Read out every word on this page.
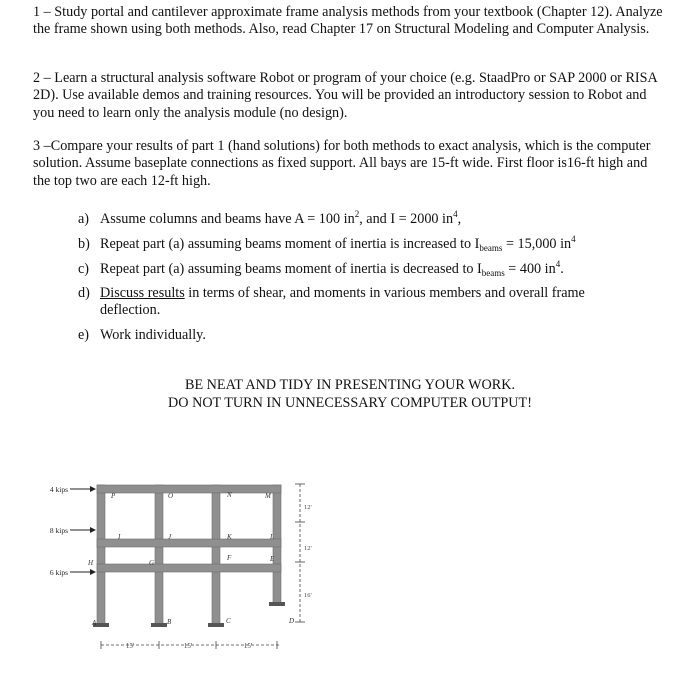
1 – Study portal and cantilever approximate frame analysis methods from your textbook (Chapter 12). Analyze the frame shown using both methods. Also, read Chapter 17 on Structural Modeling and Computer Analysis.

2 – Learn a structural analysis software Robot or program of your choice (e.g. StaadPro or SAP 2000 or RISA 2D). Use available demos and training resources. You will be provided an introductory session to Robot and you need to learn only the analysis module (no design).

3 –Compare your results of part 1 (hand solutions) for both methods to exact analysis, which is the computer solution. Assume baseplate connections as fixed support. All bays are 15-ft wide. First floor is16-ft high and the top two are each 12-ft high.

a) Assume columns and beams have A = 100 $in^2$, and I = 2000 $in^4$,
b) Repeat part (a) assuming beams moment of inertia is increased to $I_{beams} = 15,000$ $in^4$
c) Repeat part (a) assuming beams moment of inertia is decreased to $I_{beams} = 400$ $in^4$.
d) Discuss results in terms of shear, and moments in various members and overall frame deflection.
e) Work individually.
BE NEAT AND TIDY IN PRESENTING YOUR WORK.
DO NOT TURN IN UNNECESSARY COMPUTER OUTPUT!
4 kips
8 kips
6 kips
P	O	N	M
I	J	K	L
H	G
F	E
A	B	C	D
12'
12'
16'
15'	15'	15'
